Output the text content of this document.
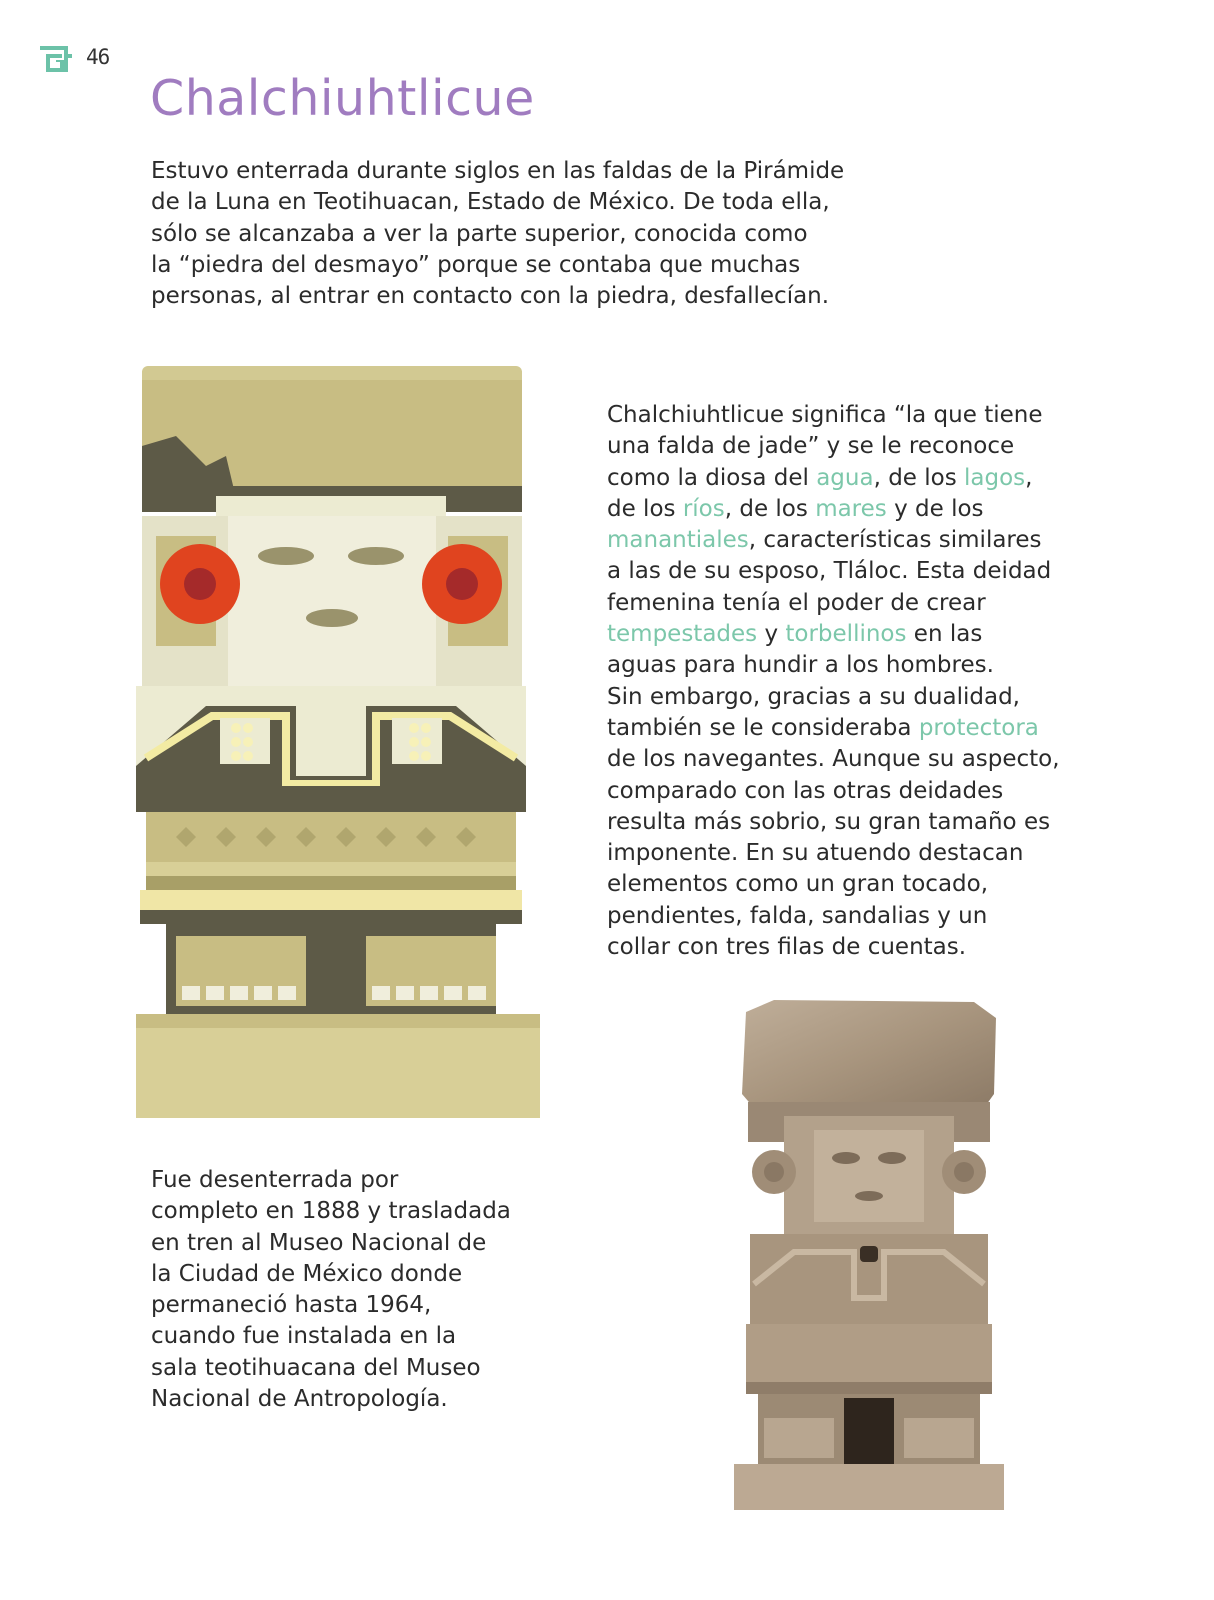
46
Chalchiuhtlicue

Estuvo enterrada durante siglos en las faldas de la Pirámide
de la Luna en Teotihuacan, Estado de México. De toda ella,
sólo se alcanzaba a ver la parte superior, conocida como
la “piedra del desmayo” porque se contaba que muchas
personas, al entrar en contacto con la piedra, desfallecían.

Chalchiuhtlicue significa “la que tiene
una falda de jade” y se le reconoce
como la diosa del agua, de los lagos,
de los ríos, de los mares y de los
manantiales, características similares
a las de su esposo, Tláloc. Esta deidad
femenina tenía el poder de crear
tempestades y torbellinos en las
aguas para hundir a los hombres.
Sin embargo, gracias a su dualidad,
también se le consideraba protectora
de los navegantes. Aunque su aspecto,
comparado con las otras deidades
resulta más sobrio, su gran tamaño es
imponente. En su atuendo destacan
elementos como un gran tocado,
pendientes, falda, sandalias y un
collar con tres filas de cuentas.

Fue desenterrada por
completo en 1888 y trasladada
en tren al Museo Nacional de
la Ciudad de México donde
permaneció hasta 1964,
cuando fue instalada en la
sala teotihuacana del Museo
Nacional de Antropología.
